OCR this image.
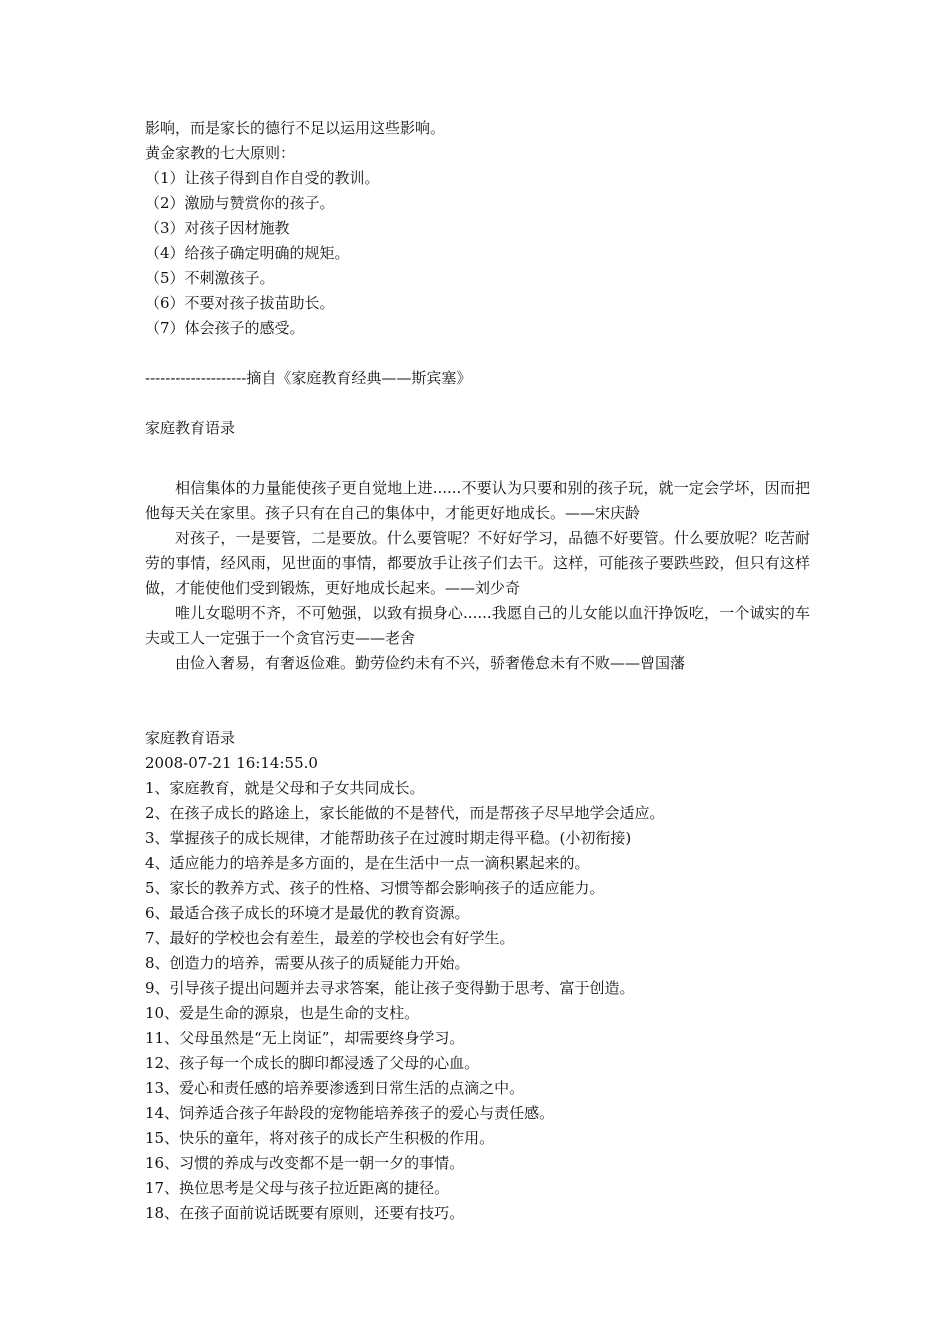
影响，而是家长的德行不足以运用这些影响。
黄金家教的七大原则：
（1）让孩子得到自作自受的教训。
（2）激励与赞赏你的孩子。
（3）对孩子因材施教
（4）给孩子确定明确的规矩。
（5）不刺激孩子。
（6）不要对孩子拔苗助长。
（7）体会孩子的感受。
--------------------摘自《家庭教育经典——斯宾塞》
家庭教育语录

相信集体的力量能使孩子更自觉地上进......不要认为只要和别的孩子玩，就一定会学坏，因而把他每天关在家里。孩子只有在自己的集体中，才能更好地成长。——宋庆龄

对孩子，一是要管，二是要放。什么要管呢？不好好学习，品德不好要管。什么要放呢？吃苦耐劳的事情，经风雨，见世面的事情，都要放手让孩子们去干。这样，可能孩子要跌些跤，但只有这样做，才能使他们受到锻炼，更好地成长起来。——刘少奇

唯儿女聪明不齐，不可勉强，以致有损身心......我愿自己的儿女能以血汗挣饭吃，一个诚实的车夫或工人一定强于一个贪官污吏——老舍

由俭入奢易，有奢返俭难。勤劳俭约未有不兴，骄奢倦怠未有不败——曾国藩

家庭教育语录
2008-07-21 16:14:55.0
1、家庭教育，就是父母和子女共同成长。
2、在孩子成长的路途上，家长能做的不是替代，而是帮孩子尽早地学会适应。
3、掌握孩子的成长规律，才能帮助孩子在过渡时期走得平稳。(小初衔接)
4、适应能力的培养是多方面的，是在生活中一点一滴积累起来的。
5、家长的教养方式、孩子的性格、习惯等都会影响孩子的适应能力。
6、最适合孩子成长的环境才是最优的教育资源。
7、最好的学校也会有差生，最差的学校也会有好学生。
8、创造力的培养，需要从孩子的质疑能力开始。
9、引导孩子提出问题并去寻求答案，能让孩子变得勤于思考、富于创造。
10、爱是生命的源泉，也是生命的支柱。
11、父母虽然是“无上岗证”，却需要终身学习。
12、孩子每一个成长的脚印都浸透了父母的心血。
13、爱心和责任感的培养要渗透到日常生活的点滴之中。
14、饲养适合孩子年龄段的宠物能培养孩子的爱心与责任感。
15、快乐的童年，将对孩子的成长产生积极的作用。
16、习惯的养成与改变都不是一朝一夕的事情。
17、换位思考是父母与孩子拉近距离的捷径。
18、在孩子面前说话既要有原则，还要有技巧。
